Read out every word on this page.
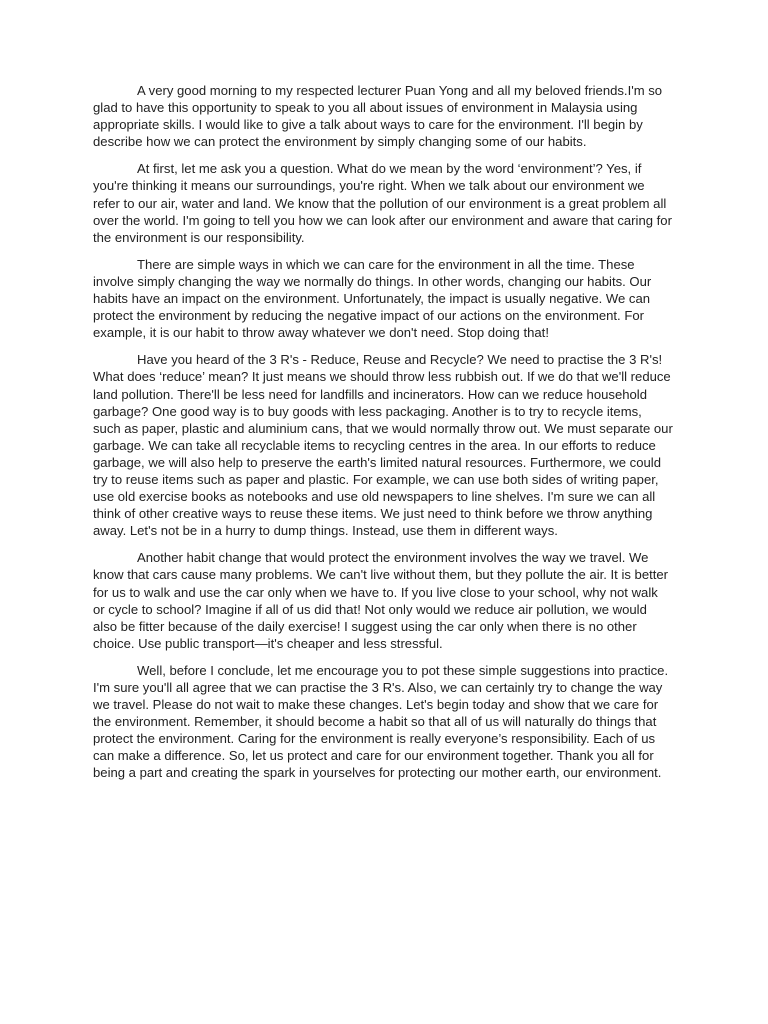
A very good morning to my respected lecturer Puan Yong and all my beloved friends.I'm so glad to have this opportunity to speak to you all about issues of environment in Malaysia using appropriate skills. I would like to give a talk about ways to care for the environment. I'll begin by describe how we can protect the environment by simply changing some of our habits.

At first, let me ask you a question. What do we mean by the word ‘environment’? Yes, if you're thinking it means our surroundings, you're right. When we talk about our environment we refer to our air, water and land. We know that the pollution of our environment is a great problem all over the world. I'm going to tell you how we can look after our environment and aware that caring for the environment is our responsibility.

There are simple ways in which we can care for the environment in all the time. These involve simply changing the way we normally do things. In other words, changing our habits. Our habits have an impact on the environment. Unfortunately, the impact is usually negative. We can protect the environment by reducing the negative impact of our actions on the environment. For example, it is our habit to throw away whatever we don't need. Stop doing that!

Have you heard of the 3 R's - Reduce, Reuse and Recycle? We need to practise the 3 R's! What does ‘reduce’ mean? It just means we should throw less rubbish out. If we do that we'll reduce land pollution. There'll be less need for landfills and incinerators. How can we reduce household garbage? One good way is to buy goods with less packaging. Another is to try to recycle items, such as paper, plastic and aluminium cans, that we would normally throw out. We must separate our garbage. We can take all recyclable items to recycling centres in the area. In our efforts to reduce garbage, we will also help to preserve the earth's limited natural resources. Furthermore, we could try to reuse items such as paper and plastic. For example, we can use both sides of writing paper, use old exercise books as notebooks and use old newspapers to line shelves. I'm sure we can all think of other creative ways to reuse these items. We just need to think before we throw anything away. Let's not be in a hurry to dump things. Instead, use them in different ways.

Another habit change that would protect the environment involves the way we travel. We know that cars cause many problems. We can't live without them, but they pollute the air. It is better for us to walk and use the car only when we have to. If you live close to your school, why not walk or cycle to school? Imagine if all of us did that! Not only would we reduce air pollution, we would also be fitter because of the daily exercise! I suggest using the car only when there is no other choice. Use public transport—it's cheaper and less stressful.

Well, before I conclude, let me encourage you to pot these simple suggestions into practice. I'm sure you'll all agree that we can practise the 3 R's. Also, we can certainly try to change the way we travel. Please do not wait to make these changes. Let's begin today and show that we care for the environment. Remember, it should become a habit so that all of us will naturally do things that protect the environment. Caring for the environment is really everyone’s responsibility. Each of us can make a difference. So, let us protect and care for our environment together. Thank you all for being a part and creating the spark in yourselves for protecting our mother earth, our environment.
